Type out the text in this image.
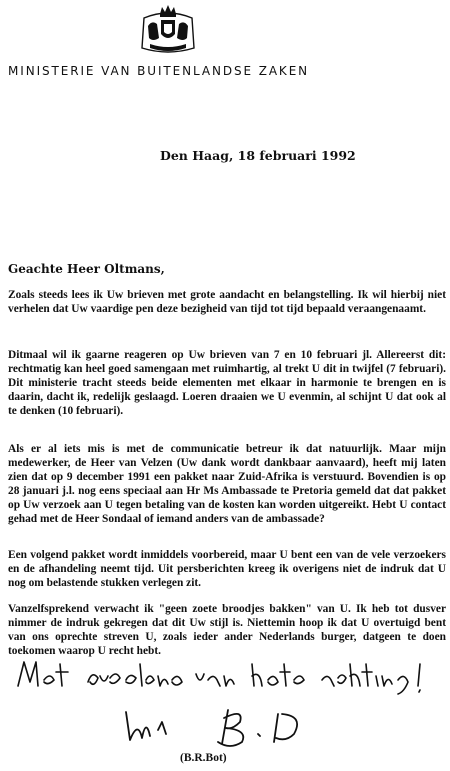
MINISTERIE VAN BUITENLANDSE ZAKEN

Den Haag, 18 februari 1992

Geachte Heer Oltmans,

Zoals steeds lees ik Uw brieven met grote aandacht en belangstelling. Ik wil hierbij niet verhelen dat Uw vaardige pen deze bezigheid van tijd tot tijd bepaald veraangenaamt.

Ditmaal wil ik gaarne reageren op Uw brieven van 7 en 10 februari jl. Allereerst dit: rechtmatig kan heel goed samengaan met ruimhartig, al trekt U dit in twijfel (7 februari). Dit ministerie tracht steeds beide elementen met elkaar in harmonie te brengen en is daarin, dacht ik, redelijk geslaagd. Loeren draaien we U evenmin, al schijnt U dat ook al te denken (10 februari).

Als er al iets mis is met de communicatie betreur ik dat natuurlijk. Maar mijn medewerker, de Heer van Velzen (Uw dank wordt dankbaar aanvaard), heeft mij laten zien dat op 9 december 1991 een pakket naar Zuid-Afrika is verstuurd. Bovendien is op 28 januari j.l. nog eens speciaal aan Hr Ms Ambassade te Pretoria gemeld dat dat pakket op Uw verzoek aan U tegen betaling van de kosten kan worden uitgereikt. Hebt U contact gehad met de Heer Sondaal of iemand anders van de ambassade?

Een volgend pakket wordt inmiddels voorbereid, maar U bent een van de vele verzoekers en de afhandeling neemt tijd. Uit persberichten kreeg ik overigens niet de indruk dat U nog om belastende stukken verlegen zit.

Vanzelfsprekend verwacht ik "geen zoete broodjes bakken" van U. Ik heb tot dusver nimmer de indruk gekregen dat dit Uw stijl is. Niettemin hoop ik dat U overtuigd bent van ons oprechte streven U, zoals ieder ander Nederlands burger, datgeen te doen toekomen waarop U recht hebt.

(B.R.Bot)
